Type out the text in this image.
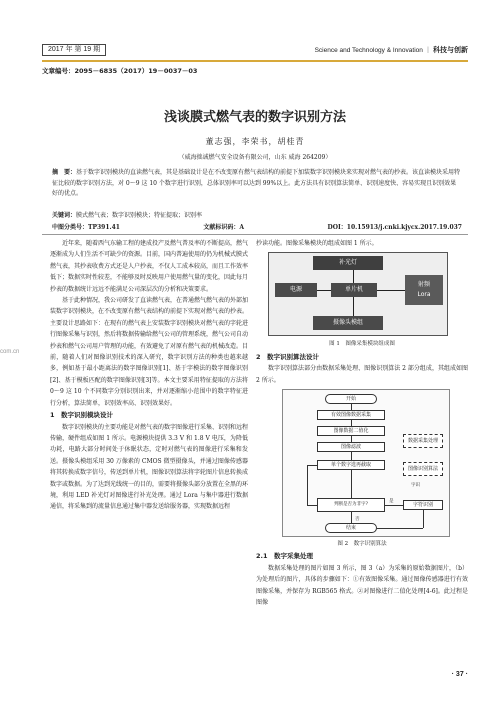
2017 年 第 19 期	Science and Technology & Innovation ｜ 科技与创新
文章编号：2095－6835（2017）19－0037－03
浅谈膜式燃气表的数字识别方法
董志强，李荣书，胡桂青
（威海拙诚燃气安全设备有限公司，山东 威海 264209）

摘　要：基于数字识别模块的直读燃气表，其是基础设计是在不改变原有燃气表结构的前提下加装数字识别模块来实现对燃气表的抄表。该直读模块采用特征比较的数字识别方法，对 0～9 这 10 个数字进行识别，总体识别率可以达到 99%以上。此方法具有识别算法简单、识别速度快、容易实现且识别效果好的优点。

关键词：膜式燃气表；数字识别模块；特征提取；识别率
中图分类号：TP391.41	文献标识码：A	DOI：10.15913/j.cnki.kjycx.2017.19.037
com.cn

近年来，随着西气东输工程的建成投产及燃气普及率的不断提高，燃气逐渐成为人们生活不可缺少的资源。目前，国内普遍使用的仍为机械式膜式燃气表，其抄表收费方式还是人户抄表，不仅人工成本较高，而且工作效率低下；数据实时性较差，不能够及时反映用户使用燃气量的变化，因此每月抄表的数据统计远远不能满足公司深层次的分析和决策要求。

基于此种情况，我公司研发了直读燃气表，在普通燃气燃气表的外部加装数字识别模块，在不改变原有燃气表结构的前提下实现对燃气表的抄表。主要设计思路如下：在现有的燃气表上安装数字识别模块对燃气表的字轮进行图像采集与识别，然后将数据传输给燃气公司的管理系统，燃气公司自动抄表和燃气公司用户管理的功能，有效避免了对原有燃气表的机械改造。目前，随着人们对图像识别技术的深入研究，数字识别方法的种类也越来越多，例如基于最小距离法的数字图像识别[1]、基于字模法的数字图像识别[2]、基于模板匹配的数字图像识别[3]等。本文主要采用特征提取的方法将 0～9 这 10 个不同数字分别识别出来，并对逐渐缩小范围中的数字特征进行分析，算法简单，识别效率高、识别效果好。

1　数字识别模块设计

数字识别模块的主要功能是对燃气表的数字图像进行采集、识别和远程传输，硬件组成如图 1 所示。电源模块提供 3.3 V 和 1.8 V 电压，为降低功耗，电路大部分时间处于休眠状态，定时对燃气表的图像进行采集和发送。摄像头模组采用 30 万像素的 CMOS 微型摄像头，并通过图像传感器将其转换成数字信号，传送到单片机，图像识别算法将字轮图片信息转换成数字或数据。为了达到光线统一的目的，需要将摄像头部分放置在全黑的环境，利用 LED 补光灯对图像进行补光处理。通过 Lora 与集中器进行数据通信，将采集到的流量信息通过集中器发送给服务器，实现数据远程

抄读功能。图像采集模块的组成如图 1 所示。

补光灯
电源	单片机
射频
Lora
摄像头模组

图 1　图像采集模块组成图

2　数字识别算法设计

数字识别算法部分由数据采集处理、图像识别算法 2 部分组成，其组成如图 2 所示。

开始
有效图像数据采集
图像数据二值化
图像滤波
单个数字选再截取
判断是否为非字?	字符识别
结束
数据采集处理
图像识别算法
字识
是
否

图 2　数字识别算法

2.1　数字采集处理

数据采集处理的图片如图 3 所示，图 3（a）为采集的原始数据图片，（b）为处理后的图片，具体的步骤如下：①有效图像采集。通过图像传感器进行有效图像采集，并保存为 RGB565 格式。②对图像进行二值化处理[4-6]。此过程是图像

· 37 ·
